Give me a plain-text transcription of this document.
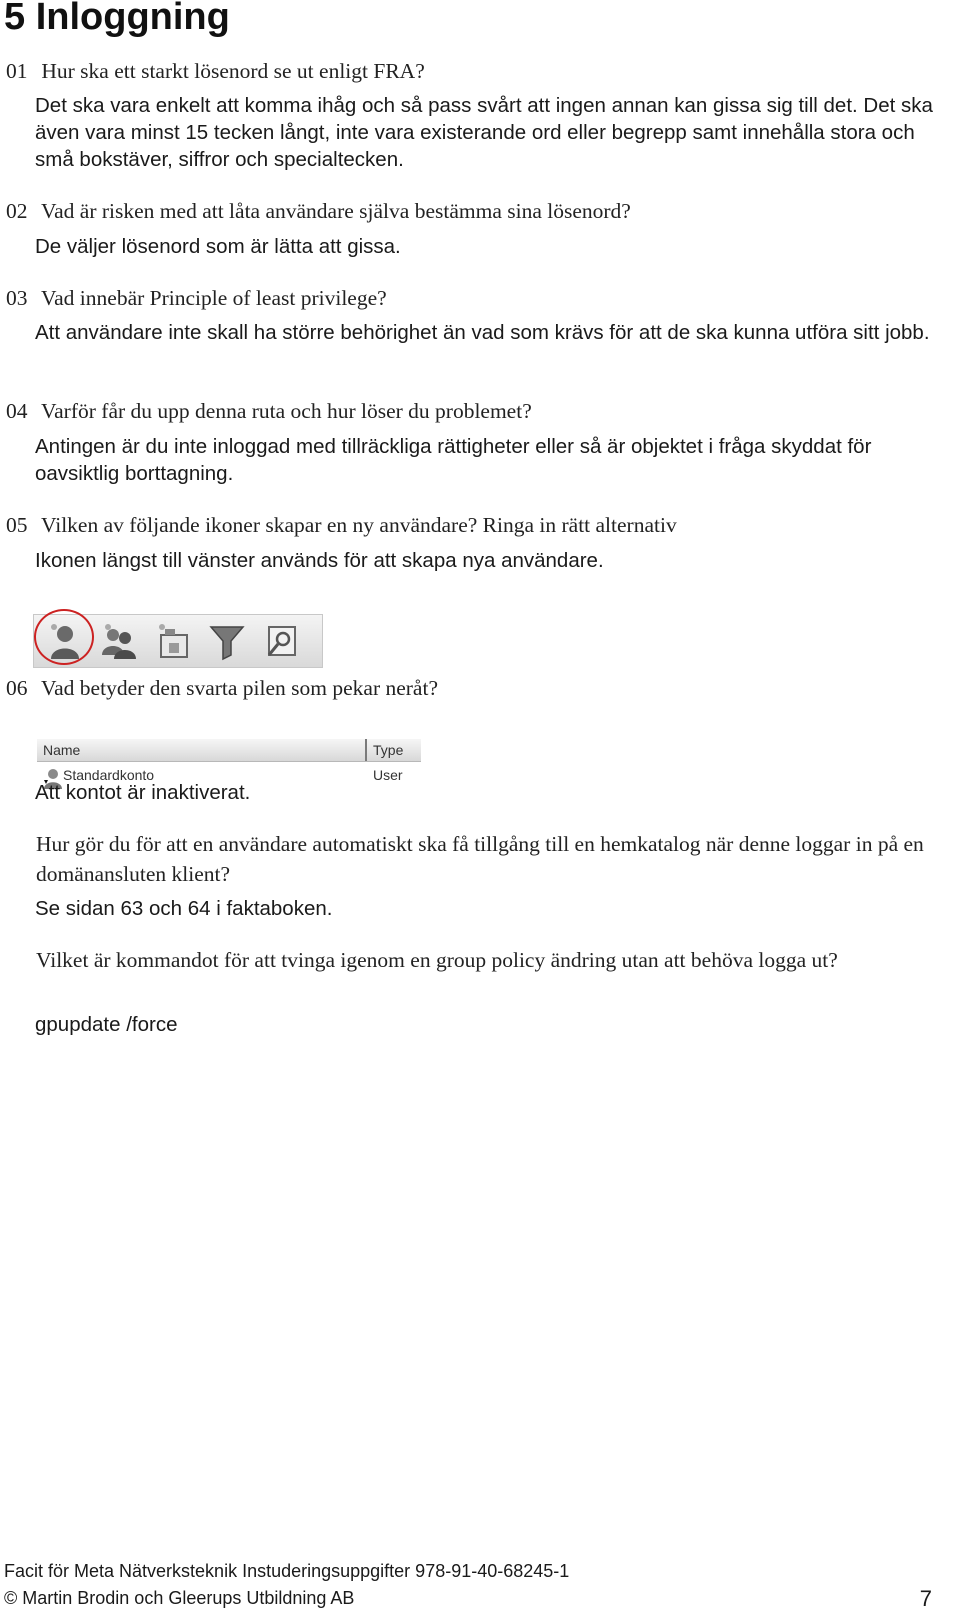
5 Inloggning

01 Hur ska ett starkt lösenord se ut enligt FRA?

Det ska vara enkelt att komma ihåg och så pass svårt att ingen annan kan gissa sig till det. Det ska även vara minst 15 tecken långt, inte vara existerande ord eller begrepp samt innehålla stora och små bokstäver, siffror och specialtecken.

02 Vad är risken med att låta användare själva bestämma sina lösenord?

De väljer lösenord som är lätta att gissa.

03 Vad innebär Principle of least privilege?

Att användare inte skall ha större behörighet än vad som krävs för att de ska kunna utföra sitt jobb.

04 Varför får du upp denna ruta och hur löser du problemet?

Antingen är du inte inloggad med tillräckliga rättigheter eller så är objektet i fråga skyddat för oavsiktlig borttagning.

05 Vilken av följande ikoner skapar en ny användare? Ringa in rätt alternativ

Ikonen längst till vänster används för att skapa nya användare.

06 Vad betyder den svarta pilen som pekar neråt?

Name	Type
Standardkonto	User

Att kontot är inaktiverat.

Hur gör du för att en användare automatiskt ska få tillgång till en hemkatalog när denne loggar in på en domänansluten klient?

Se sidan 63 och 64 i faktaboken.

Vilket är kommandot för att tvinga igenom en group policy ändring utan att behöva logga ut?

gpupdate /force

Facit för Meta Nätverksteknik Instuderingsuppgifter 978-91-40-68245-1

© Martin Brodin och Gleerups Utbildning AB	7
